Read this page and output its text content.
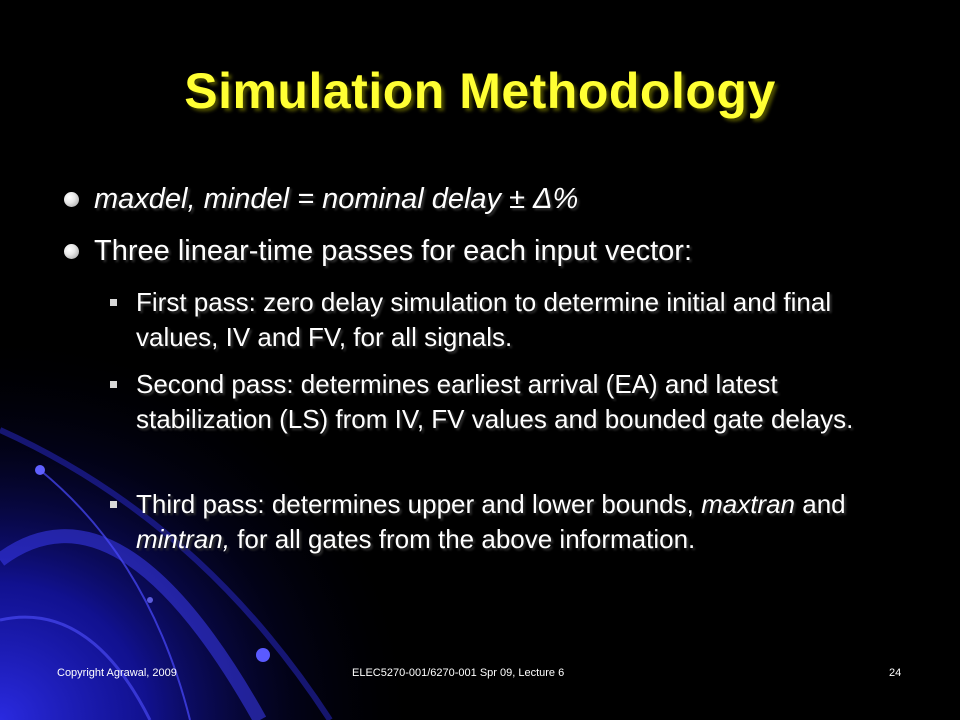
Simulation Methodology
maxdel, mindel = nominal delay ± Δ%
Three linear-time passes for each input vector:
First pass: zero delay simulation to determine initial and final values, IV and FV, for all signals.
Second pass: determines earliest arrival (EA) and latest stabilization (LS) from IV, FV values and bounded gate delays.
Third pass: determines upper and lower bounds, maxtran and mintran, for all gates from the above information.
Copyright Agrawal, 2009	ELEC5270-001/6270-001 Spr 09, Lecture 6	24
